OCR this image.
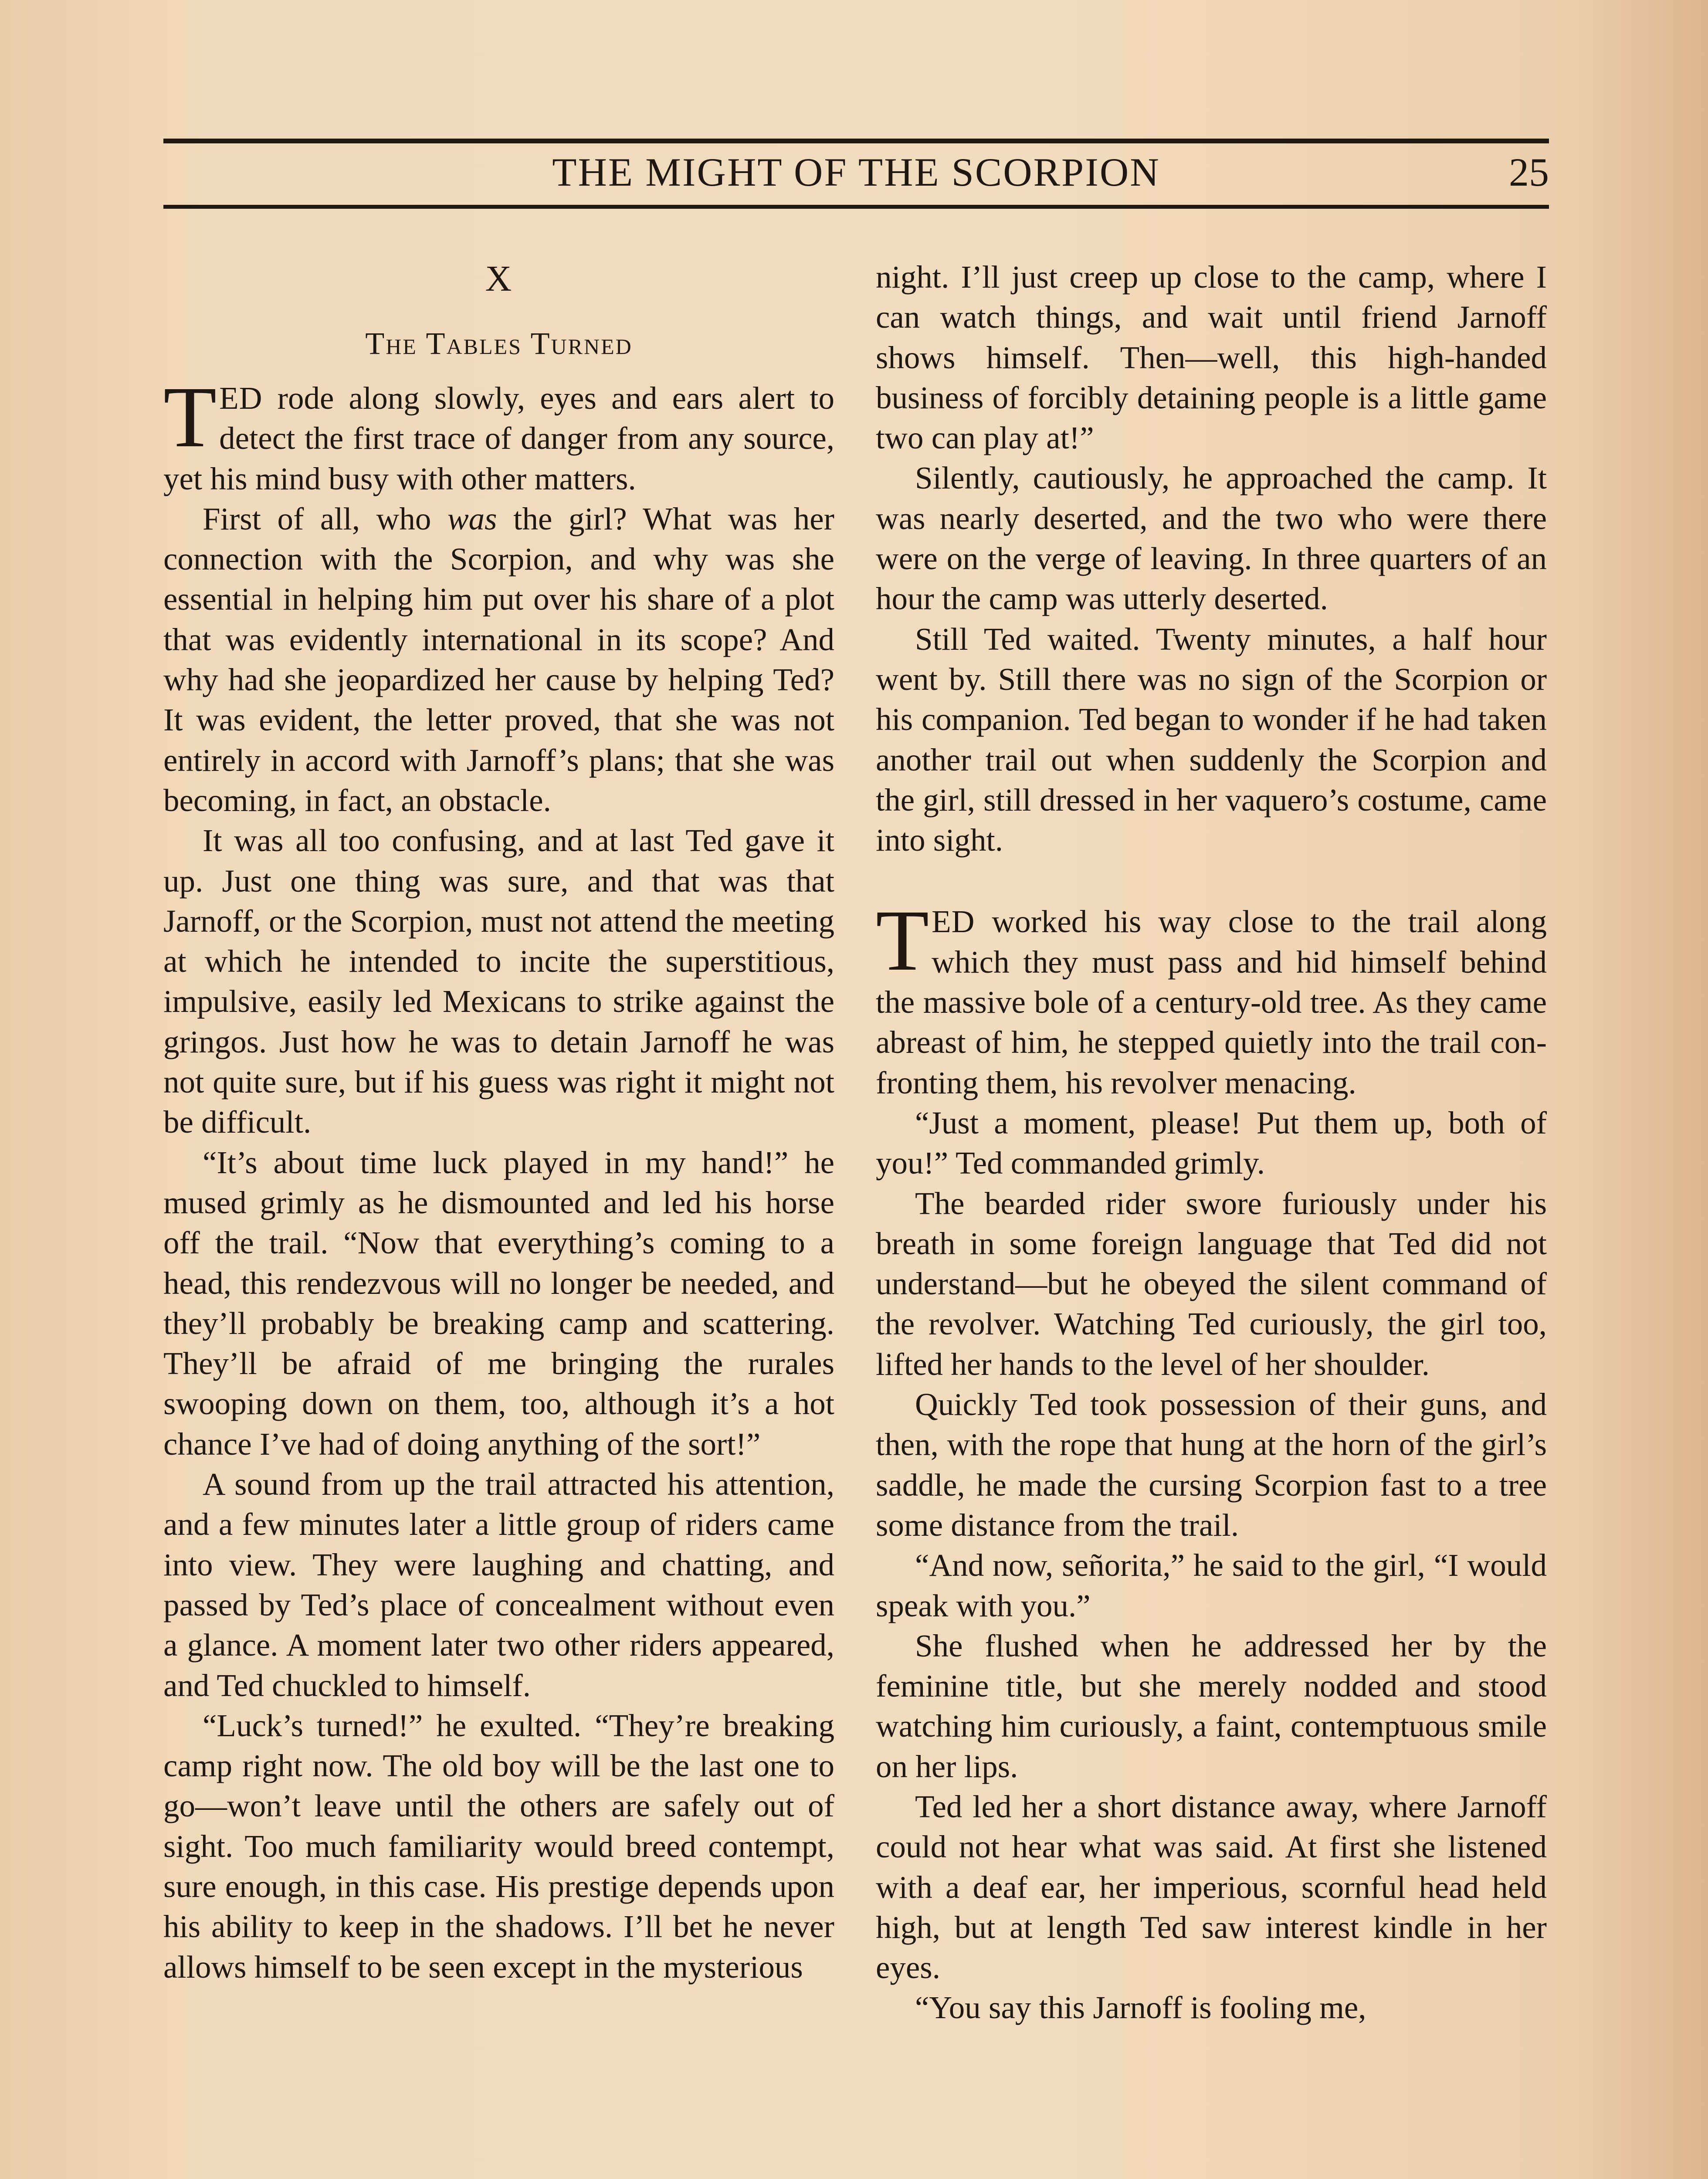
THE MIGHT OF THE SCORPION	25
X
The Tables Turned

TED rode along slowly, eyes and ears alert to detect the first trace of danger from any source, yet his mind busy with other matters.

First of all, who was the girl? What was her connection with the Scorpion, and why was she essential in helping him put over his share of a plot that was evidently international in its scope? And why had she jeopardized her cause by helping Ted? It was evident, the letter proved, that she was not entirely in accord with Jarnoff’s plans; that she was becoming, in fact, an obstacle.

It was all too confusing, and at last Ted gave it up. Just one thing was sure, and that was that Jarnoff, or the Scorpion, must not attend the meeting at which he intended to incite the superstitious, impulsive, easily led Mexicans to strike against the gringos. Just how he was to detain Jarnoff he was not quite sure, but if his guess was right it might not be difficult.

“It’s about time luck played in my hand!” he mused grimly as he dismounted and led his horse off the trail. “Now that everything’s coming to a head, this rendezvous will no longer be needed, and they’ll probably be breaking camp and scattering. They’ll be afraid of me bringing the rurales swooping down on them, too, although it’s a hot chance I’ve had of doing anything of the sort!”

A sound from up the trail attracted his attention, and a few minutes later a little group of riders came into view. They were laughing and chatting, and passed by Ted’s place of concealment without even a glance. A moment later two other riders appeared, and Ted chuckled to himself.

“Luck’s turned!” he exulted. “They’re breaking camp right now. The old boy will be the last one to go—won’t leave until the others are safely out of sight. Too much familiarity would breed contempt, sure enough, in this case. His prestige depends upon his ability to keep in the shadows. I’ll bet he never allows himself to be seen except in the mysterious

night. I’ll just creep up close to the camp, where I can watch things, and wait until friend Jarnoff shows himself. Then—well, this high-handed business of forcibly detaining people is a little game two can play at!”

Silently, cautiously, he approached the camp. It was nearly deserted, and the two who were there were on the verge of leaving. In three quarters of an hour the camp was utterly deserted.

Still Ted waited. Twenty minutes, a half hour went by. Still there was no sign of the Scorpion or his companion. Ted began to wonder if he had taken another trail out when suddenly the Scorpion and the girl, still dressed in her vaquero’s costume, came into sight.

TED worked his way close to the trail along which they must pass and hid himself behind the massive bole of a century-old tree. As they came abreast of him, he stepped quietly into the trail confronting them, his revolver menacing.

“Just a moment, please! Put them up, both of you!” Ted commanded grimly.

The bearded rider swore furiously under his breath in some foreign language that Ted did not understand—but he obeyed the silent command of the revolver. Watching Ted curiously, the girl too, lifted her hands to the level of her shoulder.

Quickly Ted took possession of their guns, and then, with the rope that hung at the horn of the girl’s saddle, he made the cursing Scorpion fast to a tree some distance from the trail.

“And now, señorita,” he said to the girl, “I would speak with you.”

She flushed when he addressed her by the feminine title, but she merely nodded and stood watching him curiously, a faint, contemptuous smile on her lips.

Ted led her a short distance away, where Jarnoff could not hear what was said. At first she listened with a deaf ear, her imperious, scornful head held high, but at length Ted saw interest kindle in her eyes.

“You say this Jarnoff is fooling me,
